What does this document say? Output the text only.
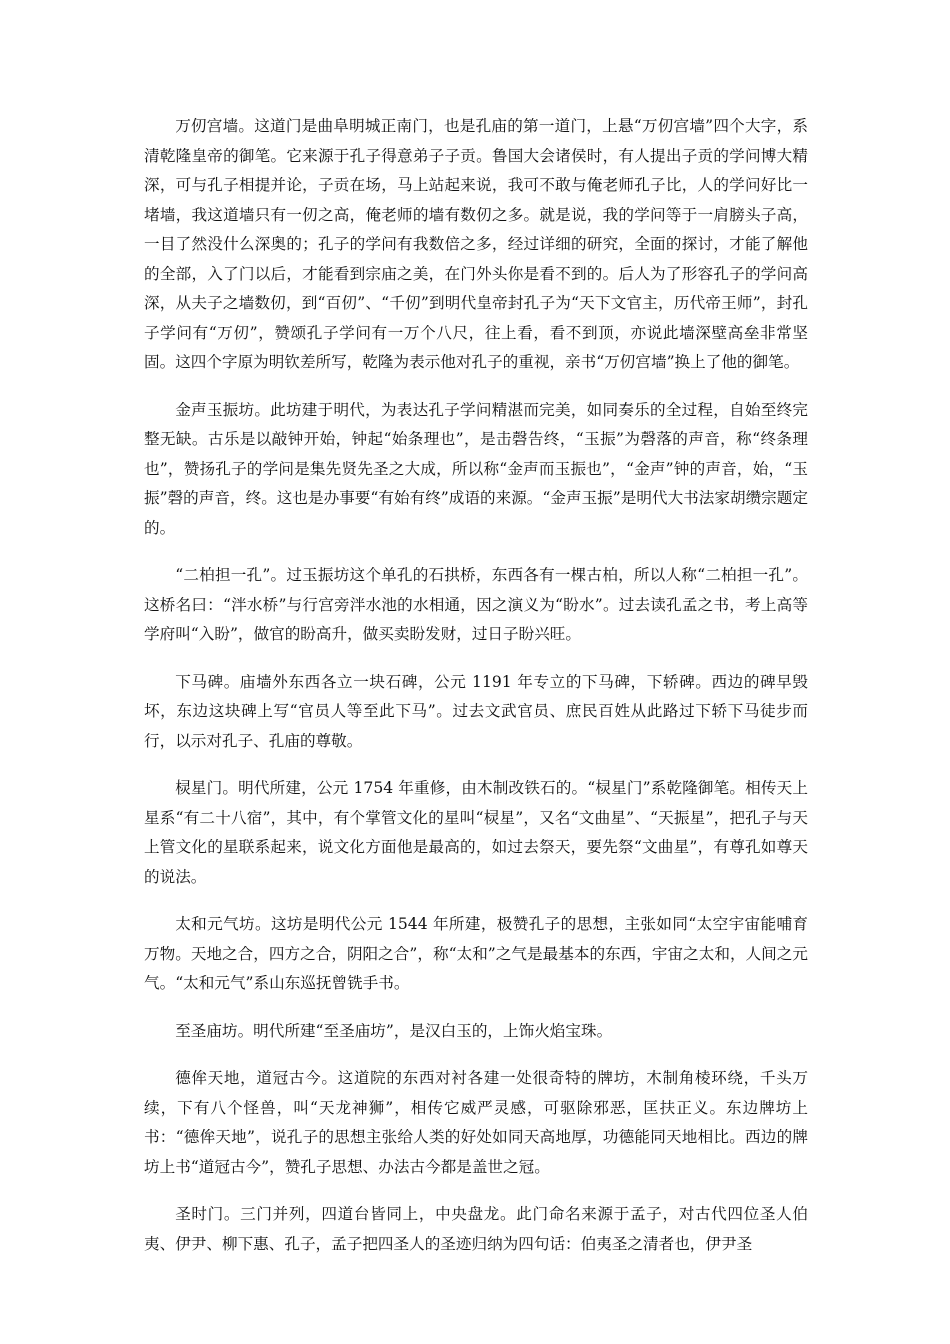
万仞宫墙。这道门是曲阜明城正南门，也是孔庙的第一道门，上悬“万仞宫墙”四个大字，系清乾隆皇帝的御笔。它来源于孔子得意弟子子贡。鲁国大会诸侯时，有人提出子贡的学问博大精深，可与孔子相提并论，子贡在场，马上站起来说，我可不敢与俺老师孔子比，人的学问好比一堵墙，我这道墙只有一仞之高，俺老师的墙有数仞之多。就是说，我的学问等于一肩膀头子高，一目了然没什么深奥的；孔子的学问有我数倍之多，经过详细的研究，全面的探讨，才能了解他的全部，入了门以后，才能看到宗庙之美，在门外头你是看不到的。后人为了形容孔子的学问高深，从夫子之墙数仞，到“百仞”、“千仞”到明代皇帝封孔子为“天下文官主，历代帝王师”，封孔子学问有“万仞”，赞颂孔子学问有一万个八尺，往上看，看不到顶，亦说此墙深壁高垒非常坚固。这四个字原为明钦差所写，乾隆为表示他对孔子的重视，亲书“万仞宫墙”换上了他的御笔。

金声玉振坊。此坊建于明代，为表达孔子学问精湛而完美，如同奏乐的全过程，自始至终完整无缺。古乐是以敲钟开始，钟起“始条理也”，是击磬告终，“玉振”为磬落的声音，称“终条理也”，赞扬孔子的学问是集先贤先圣之大成，所以称“金声而玉振也”，“金声”钟的声音，始，“玉振”磬的声音，终。这也是办事要“有始有终”成语的来源。“金声玉振”是明代大书法家胡缵宗题定的。

“二柏担一孔”。过玉振坊这个单孔的石拱桥，东西各有一棵古柏，所以人称“二柏担一孔”。这桥名曰：“泮水桥”与行宫旁泮水池的水相通，因之演义为“盼水”。过去读孔孟之书，考上高等学府叫“入盼”，做官的盼高升，做买卖盼发财，过日子盼兴旺。

下马碑。庙墙外东西各立一块石碑，公元 1191 年专立的下马碑，下轿碑。西边的碑早毁坏，东边这块碑上写“官员人等至此下马”。过去文武官员、庶民百姓从此路过下轿下马徒步而行，以示对孔子、孔庙的尊敬。

棂星门。明代所建，公元 1754 年重修，由木制改铁石的。“棂星门”系乾隆御笔。相传天上星系“有二十八宿”，其中，有个掌管文化的星叫“棂星”，又名“文曲星”、“天振星”，把孔子与天上管文化的星联系起来，说文化方面他是最高的，如过去祭天，要先祭“文曲星”，有尊孔如尊天的说法。

太和元气坊。这坊是明代公元 1544 年所建，极赞孔子的思想，主张如同“太空宇宙能哺育万物。天地之合，四方之合，阴阳之合”，称“太和”之气是最基本的东西，宇宙之太和，人间之元气。“太和元气”系山东巡抚曾铣手书。

至圣庙坊。明代所建“至圣庙坊”，是汉白玉的，上饰火焰宝珠。

德侔天地，道冠古今。这道院的东西对衬各建一处很奇特的牌坊，木制角棱环绕，千头万续，下有八个怪兽，叫“天龙神狮”，相传它威严灵感，可驱除邪恶，匡扶正义。东边牌坊上书：“德侔天地”，说孔子的思想主张给人类的好处如同天高地厚，功德能同天地相比。西边的牌坊上书“道冠古今”，赞孔子思想、办法古今都是盖世之冠。

圣时门。三门并列，四道台皆同上，中央盘龙。此门命名来源于孟子，对古代四位圣人伯夷、伊尹、柳下惠、孔子，孟子把四圣人的圣迹归纳为四句话：伯夷圣之清者也，伊尹圣
